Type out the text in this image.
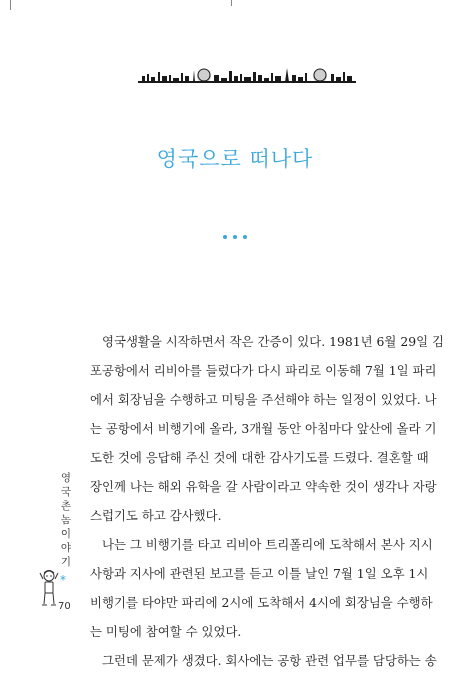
영국으로 떠나다
영국생활을 시작하면서 작은 간증이 있다. 1981년 6월 29일 김
포공항에서 리비아를 들렀다가 다시 파리로 이동해 7월 1일 파리
에서 회장님을 수행하고 미팅을 주선해야 하는 일정이 있었다. 나
는 공항에서 비행기에 올라, 3개월 동안 아침마다 앞산에 올라 기
도한 것에 응답해 주신 것에 대한 감사기도를 드렸다. 결혼할 때
장인께 나는 해외 유학을 갈 사람이라고 약속한 것이 생각나 자랑
스럽기도 하고 감사했다.
나는 그 비행기를 타고 리비아 트리폴리에 도착해서 본사 지시
사항과 지사에 관련된 보고를 듣고 이틀 날인 7월 1일 오후 1시
비행기를 타야만 파리에 2시에 도착해서 4시에 회장님을 수행하
는 미팅에 참여할 수 있었다.
그런데 문제가 생겼다. 회사에는 공항 관련 업무를 담당하는 송
영
국
촌
놈
이
야
기
*
70
